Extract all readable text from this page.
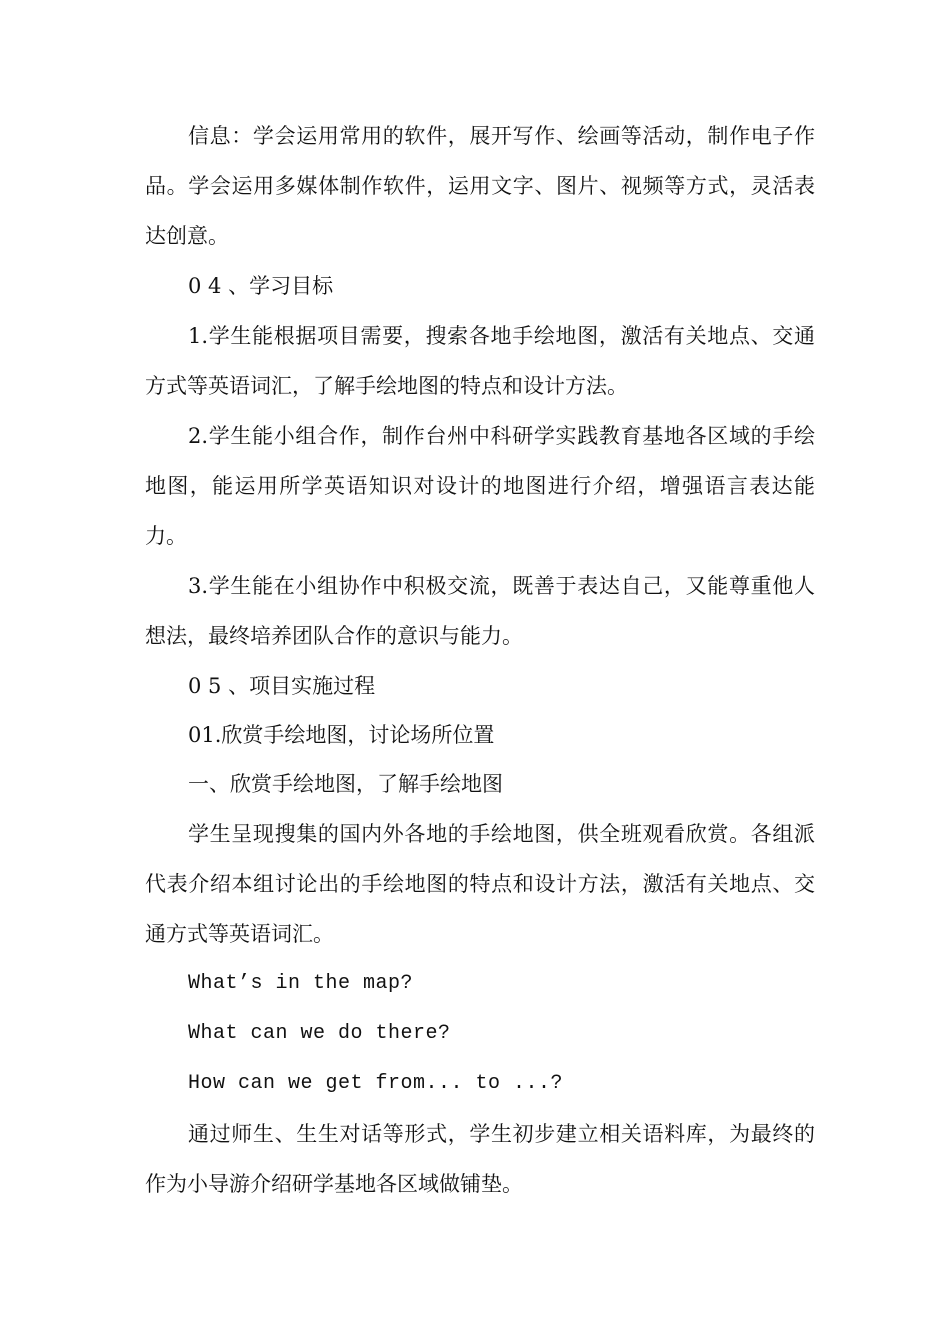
信息：学会运用常用的软件，展开写作、绘画等活动，制作电子作品。学会运用多媒体制作软件，运用文字、图片、视频等方式，灵活表达创意。

0 4 、学习目标

1.学生能根据项目需要，搜索各地手绘地图，激活有关地点、交通方式等英语词汇，了解手绘地图的特点和设计方法。

2.学生能小组合作，制作台州中科研学实践教育基地各区域的手绘地图，能运用所学英语知识对设计的地图进行介绍，增强语言表达能力。

3.学生能在小组协作中积极交流，既善于表达自己，又能尊重他人想法，最终培养团队合作的意识与能力。

0 5 、项目实施过程

01.欣赏手绘地图，讨论场所位置

一、欣赏手绘地图，了解手绘地图

学生呈现搜集的国内外各地的手绘地图，供全班观看欣赏。各组派代表介绍本组讨论出的手绘地图的特点和设计方法，激活有关地点、交通方式等英语词汇。

What’s in the map?

What can we do there?

How can we get from... to ...?

通过师生、生生对话等形式，学生初步建立相关语料库，为最终的作为小导游介绍研学基地各区域做铺垫。
